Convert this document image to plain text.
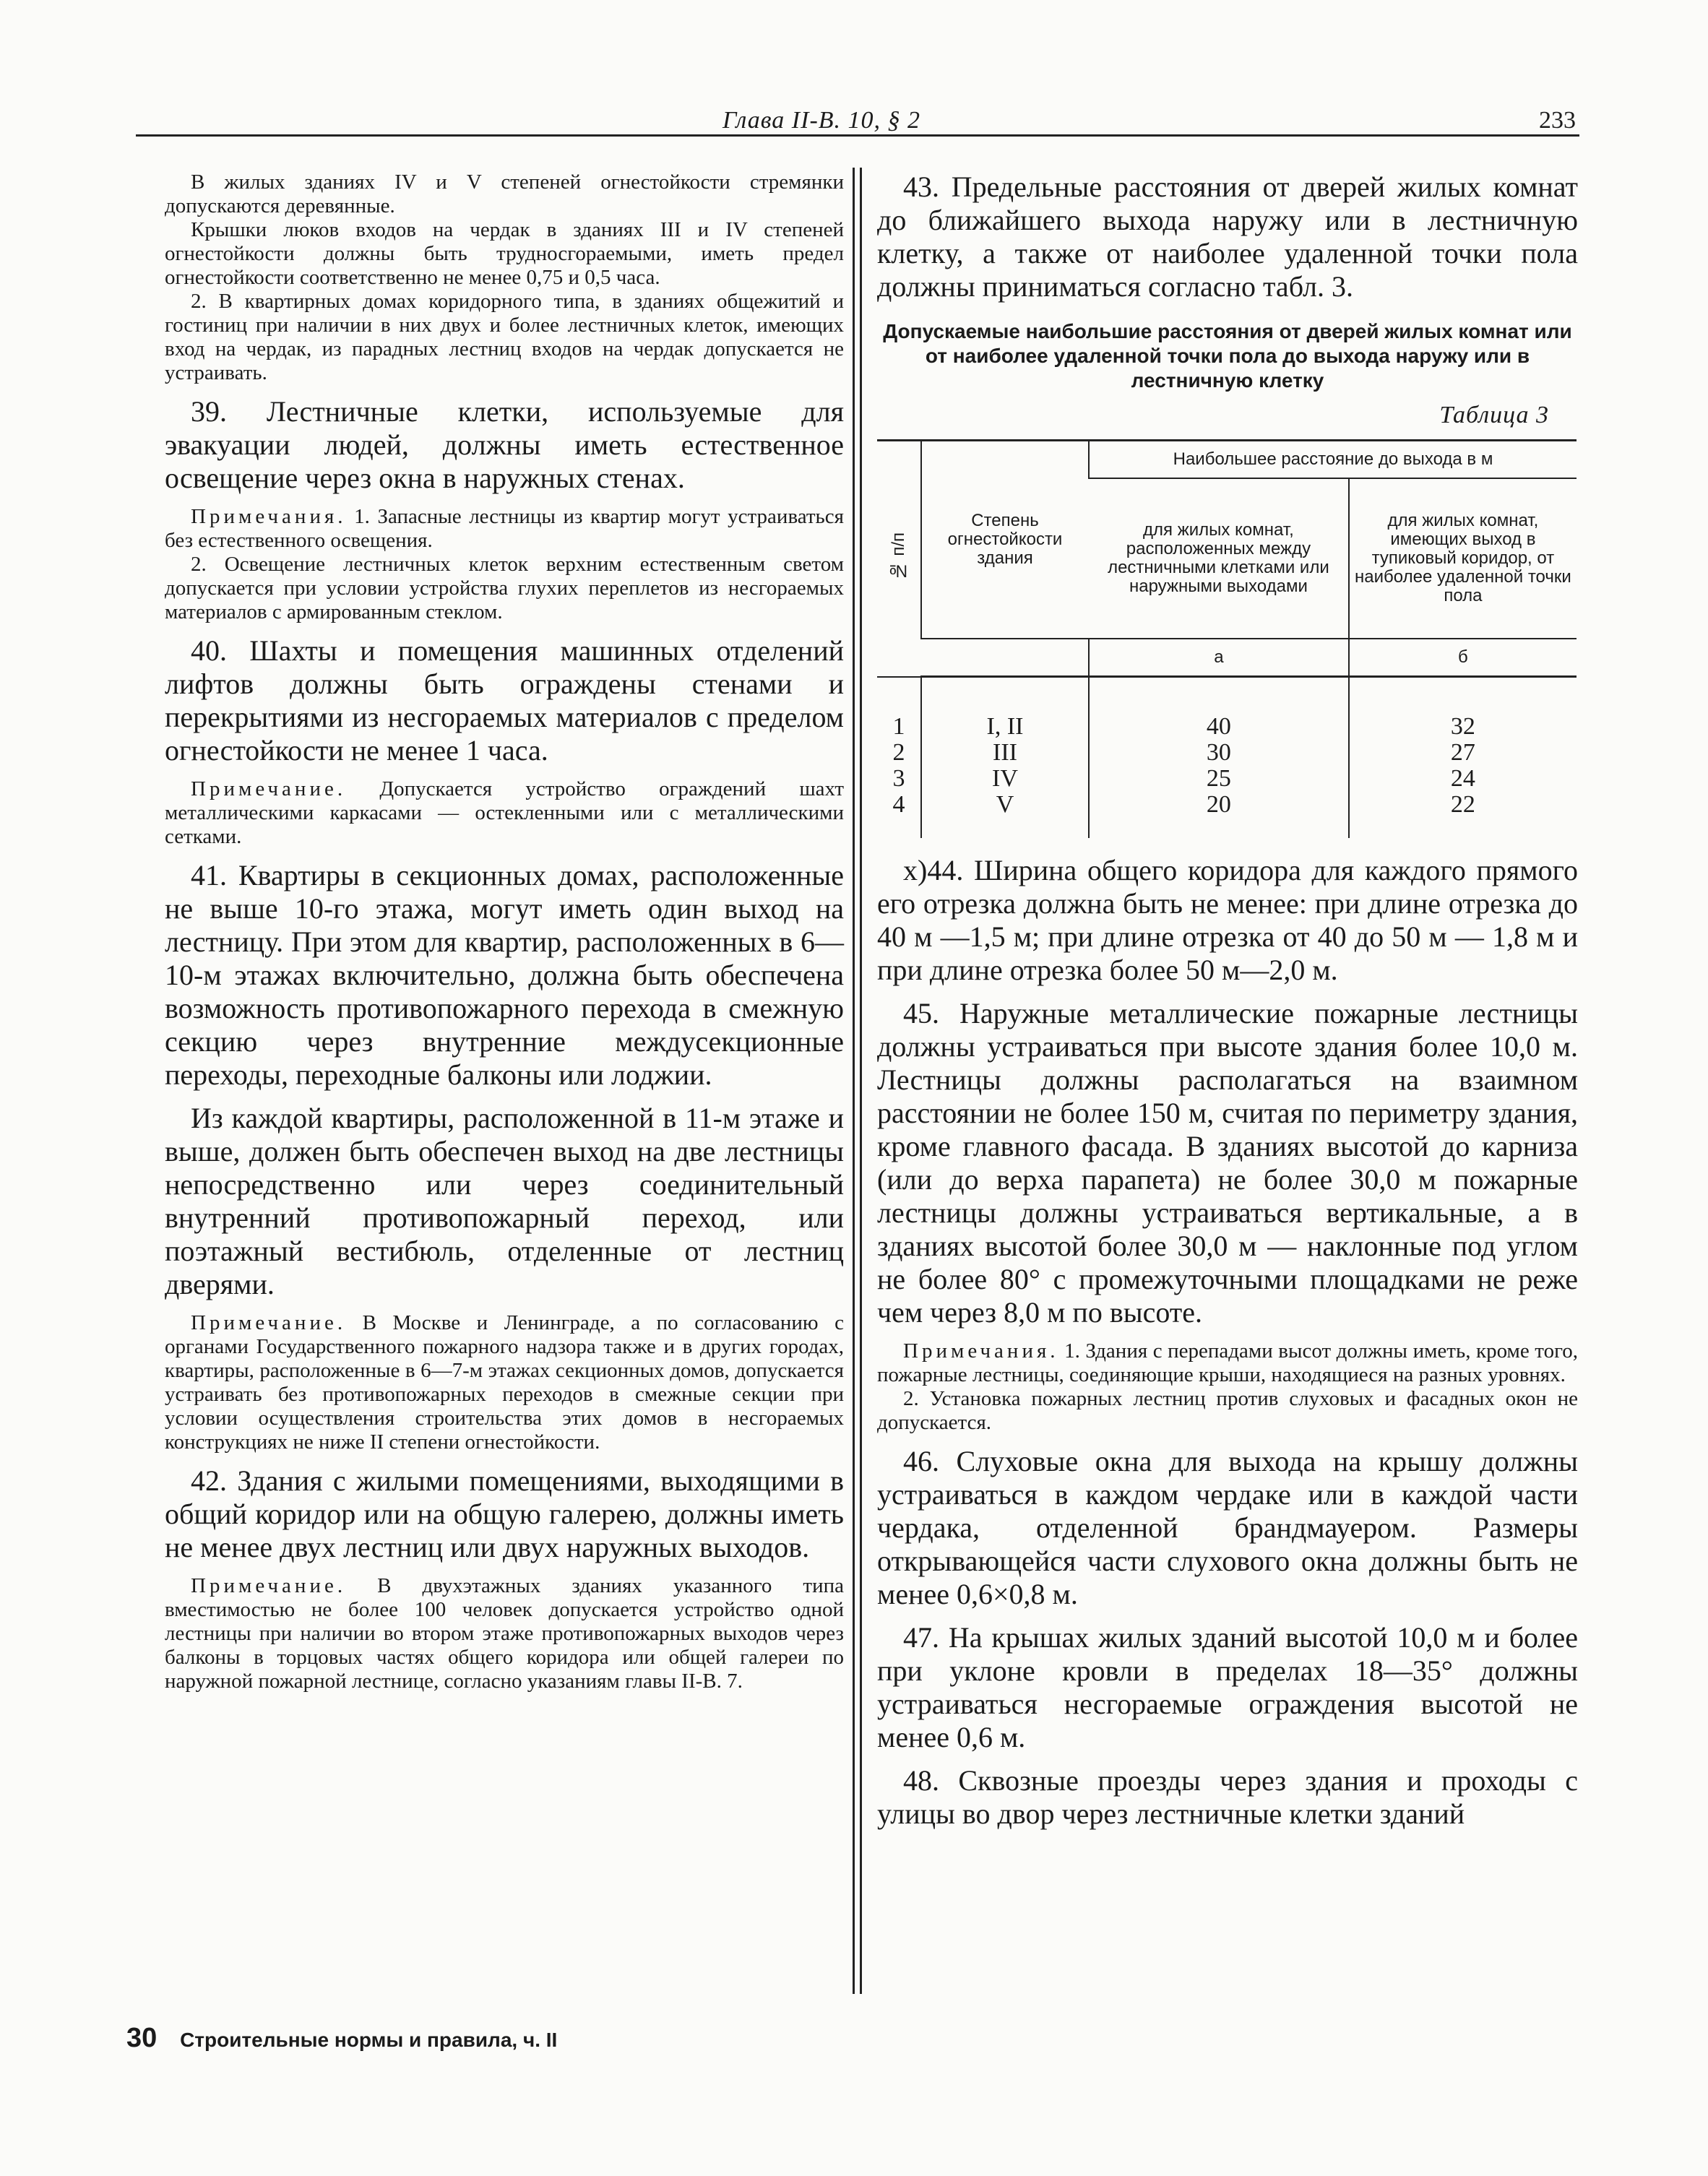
Глава II-В. 10, § 2	233

В жилых зданиях IV и V степеней огнестойкости стремянки допускаются деревянные.

Крышки люков входов на чердак в зданиях III и IV степеней огнестойкости должны быть трудносгораемыми, иметь предел огнестойкости соответственно не менее 0,75 и 0,5 часа.

2. В квартирных домах коридорного типа, в зданиях общежитий и гостиниц при наличии в них двух и более лестничных клеток, имеющих вход на чердак, из парадных лестниц входов на чердак допускается не устраивать.

39. Лестничные клетки, используемые для эвакуации людей, должны иметь естественное освещение через окна в наружных стенах.

Примечания. 1. Запасные лестницы из квартир могут устраиваться без естественного освещения.

2. Освещение лестничных клеток верхним естественным светом допускается при условии устройства глухих переплетов из несгораемых материалов с армированным стеклом.

40. Шахты и помещения машинных отделений лифтов должны быть ограждены стенами и перекрытиями из несгораемых материалов с пределом огнестойкости не менее 1 часа.

Примечание. Допускается устройство ограждений шахт металлическими каркасами — остекленными или с металлическими сетками.

41. Квартиры в секционных домах, расположенные не выше 10-го этажа, могут иметь один выход на лестницу. При этом для квартир, расположенных в 6—10-м этажах включительно, должна быть обеспечена возможность противопожарного перехода в смежную секцию через внутренние междусекционные переходы, переходные балконы или лоджии.

Из каждой квартиры, расположенной в 11-м этаже и выше, должен быть обеспечен выход на две лестницы непосредственно или через соединительный внутренний противопожарный переход, или поэтажный вестибюль, отделенные от лестниц дверями.

Примечание. В Москве и Ленинграде, а по согласованию с органами Государственного пожарного надзора также и в других городах, квартиры, расположенные в 6—7-м этажах секционных домов, допускается устраивать без противопожарных переходов в смежные секции при условии осуществления строительства этих домов в несгораемых конструкциях не ниже II степени огнестойкости.

42. Здания с жилыми помещениями, выходящими в общий коридор или на общую галерею, должны иметь не менее двух лестниц или двух наружных выходов.

Примечание. В двухэтажных зданиях указанного типа вместимостью не более 100 человек допускается устройство одной лестницы при наличии во втором этаже противопожарных выходов через балконы в торцовых частях общего коридора или общей галереи по наружной пожарной лестнице, согласно указаниям главы II-В. 7.

43. Предельные расстояния от дверей жилых комнат до ближайшего выхода наружу или в лестничную клетку, а также от наиболее удаленной точки пола должны приниматься согласно табл. 3.

Допускаемые наибольшие расстояния от дверей жилых комнат или от наиболее удаленной точки пола до выхода наружу или в лестничную клетку

Таблица 3
№ п/п	Степень огнестойкости здания	Наибольшее расстояние до выхода в м	
		для жилых комнат, расположенных между лестничными клетками или наружными выходами	для жилых комнат, имеющих выход в тупиковый коридор, от наиболее удаленной точки пола
		а	б
1	I, II	40	32
2	III	30	27
3	IV	25	24
4	V	20	22

x)44. Ширина общего коридора для каждого прямого его отрезка должна быть не менее: при длине отрезка до 40 м —1,5 м; при длине отрезка от 40 до 50 м — 1,8 м и при длине отрезка более 50 м—2,0 м.

45. Наружные металлические пожарные лестницы должны устраиваться при высоте здания более 10,0 м. Лестницы должны располагаться на взаимном расстоянии не более 150 м, считая по периметру здания, кроме главного фасада. В зданиях высотой до карниза (или до верха парапета) не более 30,0 м пожарные лестницы должны устраиваться вертикальные, а в зданиях высотой более 30,0 м — наклонные под углом не более 80° с промежуточными площадками не реже чем через 8,0 м по высоте.

Примечания. 1. Здания с перепадами высот должны иметь, кроме того, пожарные лестницы, соединяющие крыши, находящиеся на разных уровнях.

2. Установка пожарных лестниц против слуховых и фасадных окон не допускается.

46. Слуховые окна для выхода на крышу должны устраиваться в каждом чердаке или в каждой части чердака, отделенной брандмауером. Размеры открывающейся части слухового окна должны быть не менее 0,6×0,8 м.

47. На крышах жилых зданий высотой 10,0 м и более при уклоне кровли в пределах 18—35° должны устраиваться несгораемые ограждения высотой не менее 0,6 м.

48. Сквозные проезды через здания и проходы с улицы во двор через лестничные клетки зданий

30 Строительные нормы и правила, ч. II
